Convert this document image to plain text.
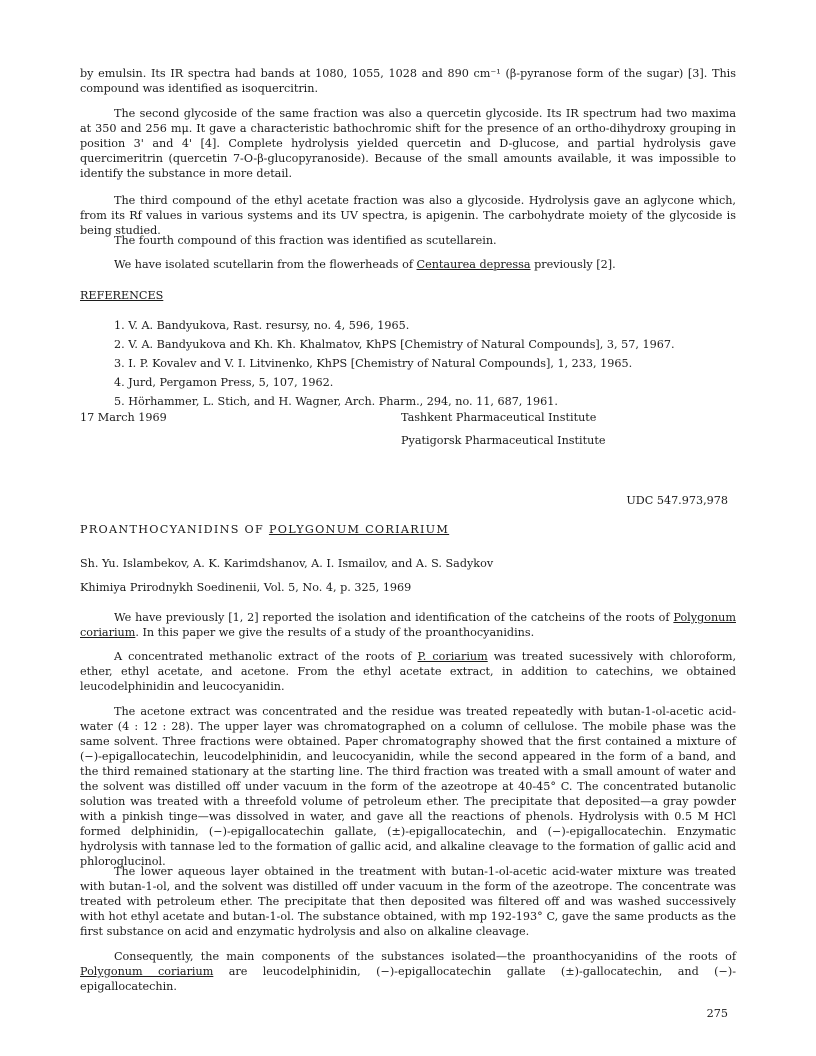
by emulsin. Its IR spectra had bands at 1080, 1055, 1028 and 890 cm⁻¹ (β-pyranose form of the sugar) [3]. This compound was identified as isoquercitrin.

The second glycoside of the same fraction was also a quercetin glycoside. Its IR spectrum had two maxima at 350 and 256 mμ. It gave a characteristic bathochromic shift for the presence of an ortho-dihydroxy grouping in position 3' and 4' [4]. Complete hydrolysis yielded quercetin and D-glucose, and partial hydrolysis gave quercimeritrin (quercetin 7-O-β-glucopyranoside). Because of the small amounts available, it was impossible to identify the substance in more detail.

The third compound of the ethyl acetate fraction was also a glycoside. Hydrolysis gave an aglycone which, from its Rf values in various systems and its UV spectra, is apigenin. The carbohydrate moiety of the glycoside is being studied.

The fourth compound of this fraction was identified as scutellarein.

We have isolated scutellarin from the flowerheads of Centaurea depressa previously [2].

REFERENCES

1. V. A. Bandyukova, Rast. resursy, no. 4, 596, 1965.
2. V. A. Bandyukova and Kh. Kh. Khalmatov, KhPS [Chemistry of Natural Compounds], 3, 57, 1967.
3. I. P. Kovalev and V. I. Litvinenko, KhPS [Chemistry of Natural Compounds], 1, 233, 1965.
4. Jurd, Pergamon Press, 5, 107, 1962.
5. Hörhammer, L. Stich, and H. Wagner, Arch. Pharm., 294, no. 11, 687, 1961.

17 March 1969	Tashkent Pharmaceutical Institute

Pyatigorsk Pharmaceutical Institute

UDC 547.973,978

PROANTHOCYANIDINS OF POLYGONUM CORIARIUM

Sh. Yu. Islambekov, A. K. Karimdshanov, A. I. Ismailov, and A. S. Sadykov

Khimiya Prirodnykh Soedinenii, Vol. 5, No. 4, p. 325, 1969

We have previously [1, 2] reported the isolation and identification of the catcheins of the roots of Polygonum coriarium. In this paper we give the results of a study of the proanthocyanidins.

A concentrated methanolic extract of the roots of P. coriarium was treated sucessively with chloroform, ether, ethyl acetate, and acetone. From the ethyl acetate extract, in addition to catechins, we obtained leucodelphinidin and leucocyanidin.

The acetone extract was concentrated and the residue was treated repeatedly with butan-1-ol-acetic acid-water (4 : 12 : 28). The upper layer was chromatographed on a column of cellulose. The mobile phase was the same solvent. Three fractions were obtained. Paper chromatography showed that the first contained a mixture of (−)-epigallocatechin, leucodelphinidin, and leucocyanidin, while the second appeared in the form of a band, and the third remained stationary at the starting line. The third fraction was treated with a small amount of water and the solvent was distilled off under vacuum in the form of the azeotrope at 40-45° C. The concentrated butanolic solution was treated with a threefold volume of petroleum ether. The precipitate that deposited—a gray powder with a pinkish tinge—was dissolved in water, and gave all the reactions of phenols. Hydrolysis with 0.5 M HCl formed delphinidin, (−)-epigallocatechin gallate, (±)-epigallocatechin, and (−)-epigallocatechin. Enzymatic hydrolysis with tannase led to the formation of gallic acid, and alkaline cleavage to the formation of gallic acid and phloroglucinol.

The lower aqueous layer obtained in the treatment with butan-1-ol-acetic acid-water mixture was treated with butan-1-ol, and the solvent was distilled off under vacuum in the form of the azeotrope. The concentrate was treated with petroleum ether. The precipitate that then deposited was filtered off and was washed successively with hot ethyl acetate and butan-1-ol. The substance obtained, with mp 192-193° C, gave the same products as the first substance on acid and enzymatic hydrolysis and also on alkaline cleavage.

Consequently, the main components of the substances isolated—the proanthocyanidins of the roots of Polygonum coriarium are leucodelphinidin, (−)-epigallocatechin gallate (±)-gallocatechin, and (−)-epigallocatechin.

275
